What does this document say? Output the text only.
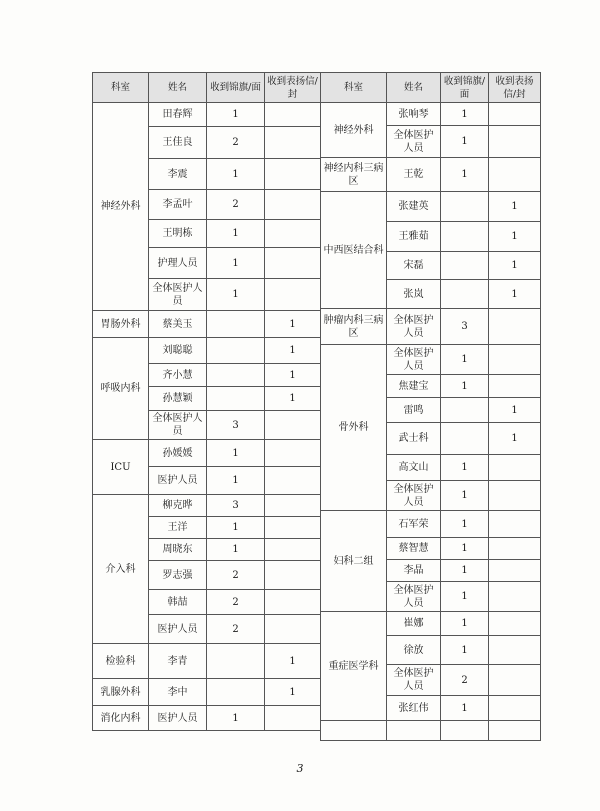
科室	姓名	收到锦旗/面	收到表扬信/封
神经外科	田春辉	1	
	王佳良	2	
	李震	1	
	李孟叶	2	
	王明栋	1	
	护理人员	1	
	全体医护人员	1	
胃肠外科	蔡美玉		1
呼吸内科	刘聪聪		1
	齐小慧		1
	孙慧颖		1
	全体医护人员	3	
ICU	孙媛媛	1	
	医护人员	1	
介入科	柳克晔	3	
	王洋	1	
	周晓东	1	
	罗志强	2	
	韩喆	2	
	医护人员	2	
检验科	李青		1
乳腺外科	李中		1
消化内科	医护人员	1	
科室	姓名	收到锦旗/面	收到表扬信/封
神经外科	张响琴	1	
	全体医护人员	1	
神经内科三病区	王乾	1	
中西医结合科	张建英		1
	王雅茹		1
	宋磊		1
	张岚		1
肿瘤内科三病区	全体医护人员	3	
骨外科	全体医护人员	1	
	焦建宝	1	
	雷鸣		1
	武士科		1
	高文山	1	
	全体医护人员	1	
妇科二组	石军荣	1	
	蔡智慧	1	
	李晶	1	
	全体医护人员	1	
重症医学科	崔娜	1	
	徐放	1	
	全体医护人员	2	
	张红伟	1	

3
